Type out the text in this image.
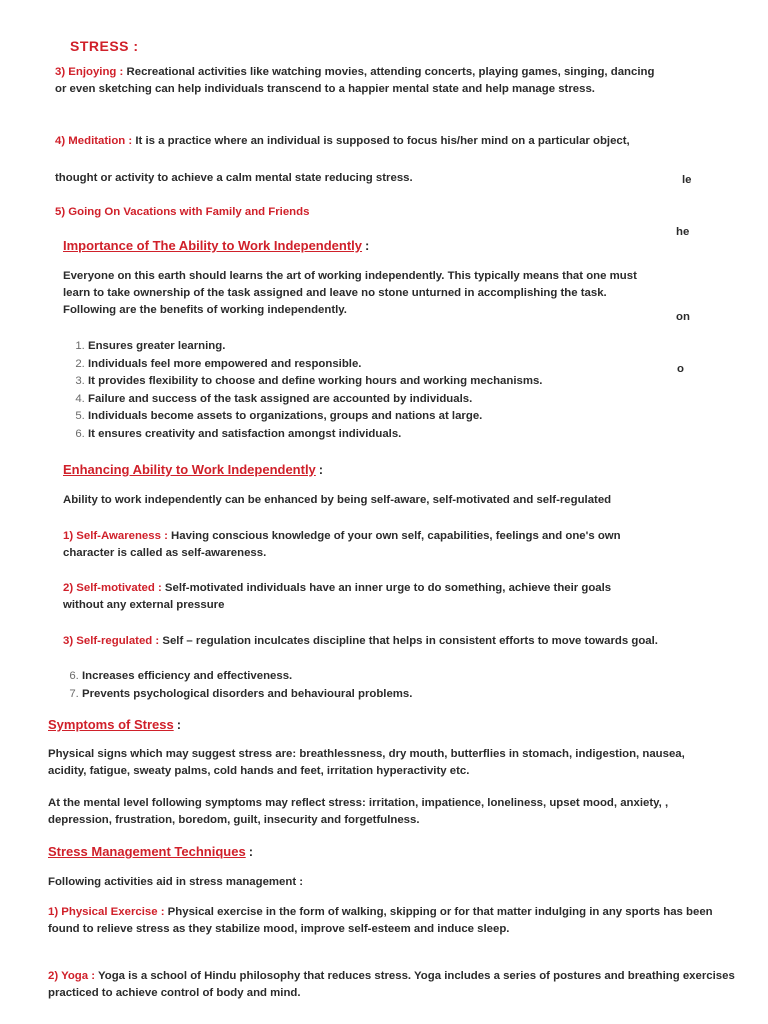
STRESS :

3) Enjoying : Recreational activities like watching movies, attending concerts, playing games, singing, dancing or even sketching can help individuals transcend to a happier mental state and help manage stress.

4) Meditation : It is a practice where an individual is supposed to focus his/her mind on a particular object,

thought or activity to achieve a calm mental state reducing stress.

5) Going On Vacations with Family and Friends

le
he
on
o
Importance of The Ability to Work Independently :

Everyone on this earth should learns the art of working independently. This typically means that one must learn to take ownership of the task assigned and leave no stone unturned in accomplishing the task. Following are the benefits of working independently.

1. Ensures greater learning.
2. Individuals feel more empowered and responsible.
3. It provides flexibility to choose and define working hours and working mechanisms.
4. Failure and success of the task assigned are accounted by individuals.
5. Individuals become assets to organizations, groups and nations at large.
6. It ensures creativity and satisfaction amongst individuals.
Enhancing Ability to Work Independently :

Ability to work independently can be enhanced by being self-aware, self-motivated and self-regulated

1) Self-Awareness : Having conscious knowledge of your own self, capabilities, feelings and one's own character is called as self-awareness.

2) Self-motivated : Self-motivated individuals have an inner urge to do something, achieve their goals without any external pressure

3) Self-regulated : Self – regulation inculcates discipline that helps in consistent efforts to move towards goal.

6. Increases efficiency and effectiveness.
7. Prevents psychological disorders and behavioural problems.
Symptoms of Stress :

Physical signs which may suggest stress are: breathlessness, dry mouth, butterflies in stomach, indigestion, nausea, acidity, fatigue, sweaty palms, cold hands and feet, irritation hyperactivity etc.

At the mental level following symptoms may reflect stress: irritation, impatience, loneliness, upset mood, anxiety, , depression, frustration, boredom, guilt, insecurity and forgetfulness.

Stress Management Techniques :

Following activities aid in stress management :

1) Physical Exercise : Physical exercise in the form of walking, skipping or for that matter indulging in any sports has been found to relieve stress as they stabilize mood, improve self-esteem and induce sleep.

2) Yoga : Yoga is a school of Hindu philosophy that reduces stress. Yoga includes a series of postures and breathing exercises practiced to achieve control of body and mind.
